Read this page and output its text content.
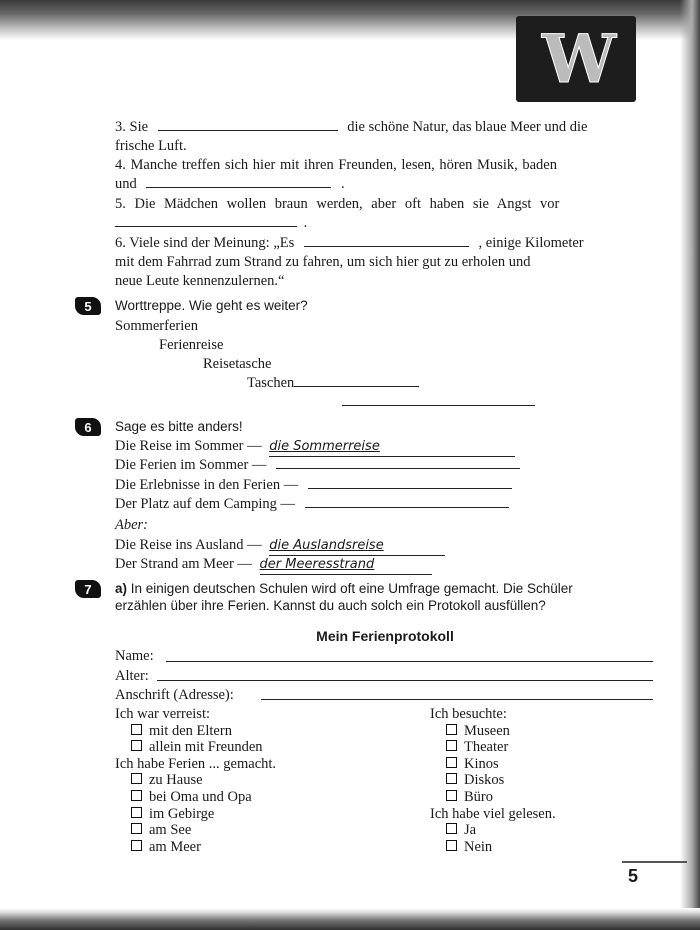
W
3. Sie	die schöne Natur, das blaue Meer und die
frische Luft.
4. Manche treffen sich hier mit ihren Freunden, lesen, hören Musik, baden
und	.
5. Die Mädchen wollen braun werden, aber oft haben sie Angst vor
.
6. Viele sind der Meinung: „Es	, einige Kilometer
mit dem Fahrrad zum Strand zu fahren, um sich hier gut zu erholen und
neue Leute kennenzulernen.“
5	Worttreppe. Wie geht es weiter?
Sommerferien
Ferienreise
Reisetasche
Taschen
6	Sage es bitte anders!
Die Reise im Sommer — die Sommerreise
Die Ferien im Sommer —
Die Erlebnisse in den Ferien —
Der Platz auf dem Camping —
Aber:
Die Reise ins Ausland — die Auslandsreise
Der Strand am Meer — der Meeresstrand
7	a) In einigen deutschen Schulen wird oft eine Umfrage gemacht. Die Schüler
erzählen über ihre Ferien. Kannst du auch solch ein Protokoll ausfüllen?
Mein Ferienprotokoll
Name:
Alter:
Anschrift (Adresse):
Ich war verreist:
mit den Eltern
allein mit Freunden
Ich habe Ferien ... gemacht.
zu Hause
bei Oma und Opa
im Gebirge
am See
am Meer
Ich besuchte:
Museen
Theater
Kinos
Diskos
Büro
Ich habe viel gelesen.
Ja
Nein
5
